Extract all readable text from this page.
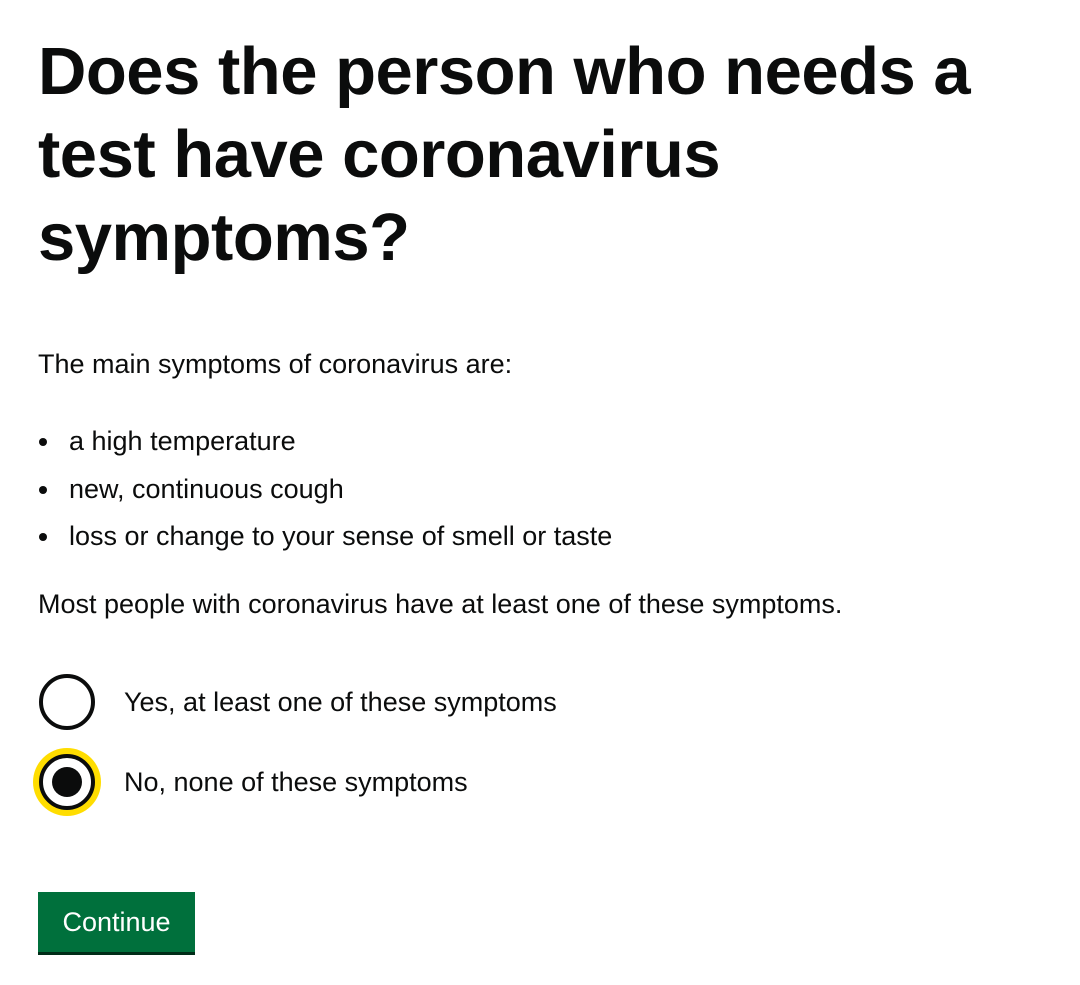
Does the person who needs a test have coronavirus symptoms?

The main symptoms of coronavirus are:

a high temperature
new, continuous cough
loss or change to your sense of smell or taste

Most people with coronavirus have at least one of these symptoms.

Yes, at least one of these symptoms
No, none of these symptoms
Continue
